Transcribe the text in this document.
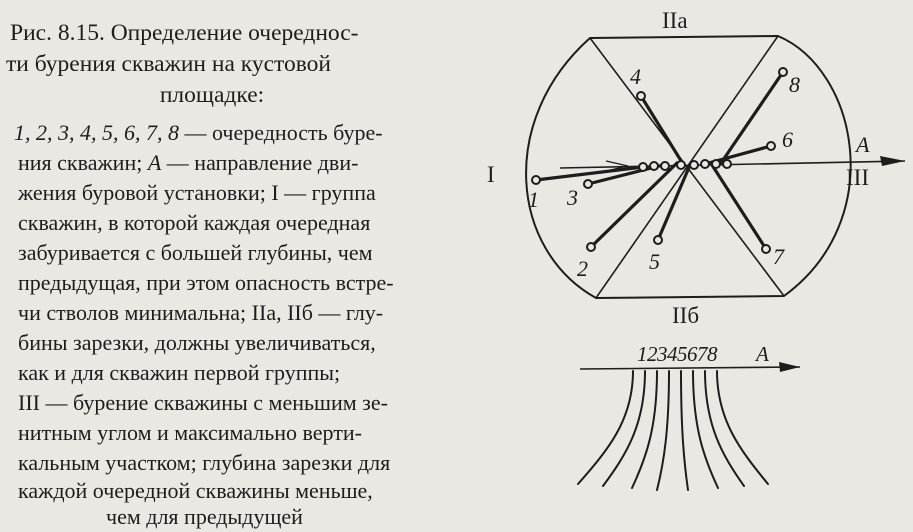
Рис. 8.15. Определение очереднос-
ти бурения скважин на кустовой
площадке:
1, 2, 3, 4, 5, 6, 7, 8 — очередность буре-
ния скважин; A — направление дви-
жения буровой установки; I — группа
скважин, в которой каждая очередная
забуривается с большей глубины, чем
предыдущая, при этом опасность встре-
чи стволов минимальна; IIa, IIб — глу-
бины зарезки, должны увеличиваться,
как и для скважин первой группы;
III — бурение скважины с меньшим зе-
нитным углом и максимально верти-
кальным участком; глубина зарезки для
каждой очередной скважины меньше,
чем для предыдущей
IIa
IIб
I	III
A
1
2
3
4
5
6
7
8
12345678 A
